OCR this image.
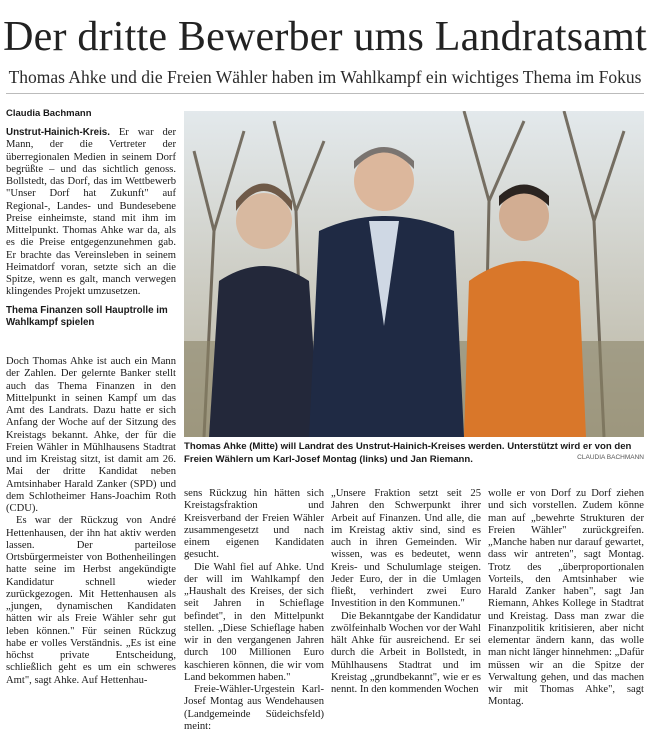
Der dritte Bewerber ums Landratsamt
Thomas Ahke und die Freien Wähler haben im Wahlkampf ein wichtiges Thema im Fokus
Claudia Bachmann

Unstrut-Hainich-Kreis. Er war der Mann, der die Vertreter der überregionalen Medien in seinem Dorf begrüßte – und das sichtlich genoss. Bollstedt, das Dorf, das im Wettbewerb "Unser Dorf hat Zukunft" auf Regional-, Landes- und Bundesebene Preise einheimste, stand mit ihm im Mittelpunkt. Thomas Ahke war da, als es die Preise entgegenzunehmen gab. Er brachte das Vereinsleben in seinem Heimatdorf voran, setzte sich an die Spitze, wenn es galt, manch verwegen klingendes Projekt umzusetzen.

Thema Finanzen soll Hauptrolle im Wahlkampf spielen

Doch Thomas Ahke ist auch ein Mann der Zahlen. Der gelernte Banker stellt auch das Thema Finanzen in den Mittelpunkt in seinen Kampf um das Amt des Landrats. Dazu hatte er sich Anfang der Woche auf der Sitzung des Kreistags bekannt. Ahke, der für die Freien Wähler in Mühlhausens Stadtrat und im Kreistag sitzt, ist damit am 26. Mai der dritte Kandidat neben Amtsinhaber Harald Zanker (SPD) und dem Schlotheimer Hans-Joachim Roth (CDU).

Es war der Rückzug von André Hettenhausen, der ihn hat aktiv werden lassen. Der parteilose Ortsbürgermeister von Bothenheilingen hatte seine im Herbst angekündigte Kandidatur schnell wieder zurückgezogen. Mit Hettenhausen als „jungen, dynamischen Kandidaten hätten wir als Freie Wähler sehr gut leben können." Für seinen Rückzug habe er volles Verständnis. „Es ist eine höchst private Entscheidung, schließlich geht es um ein schweres Amt", sagt Ahke. Auf Hettenhau-

Thomas Ahke (Mitte) will Landrat des Unstrut-Hainich-Kreises werden. Unterstützt wird er von den Freien Wählern um Karl-Josef Montag (links) und Jan Riemann.	CLAUDIA BACHMANN

sens Rückzug hin hätten sich Kreistagsfraktion und Kreisverband der Freien Wähler zusammengesetzt und nach einem eigenen Kandidaten gesucht.

Die Wahl fiel auf Ahke. Und der will im Wahlkampf den „Haushalt des Kreises, der sich seit Jahren in Schieflage befindet", in den Mittelpunkt stellen. „Diese Schieflage haben wir in den vergangenen Jahren durch 100 Millionen Euro kaschieren können, die wir vom Land bekommen haben."

Freie-Wähler-Urgestein Karl-Josef Montag aus Wendehausen (Landgemeinde Südeichsfeld) meint:

„Unsere Fraktion setzt seit 25 Jahren den Schwerpunkt ihrer Arbeit auf Finanzen. Und alle, die im Kreistag aktiv sind, sind es auch in ihren Gemeinden. Wir wissen, was es bedeutet, wenn Kreis- und Schulumlage steigen. Jeder Euro, der in die Umlagen fließt, verhindert zwei Euro Investition in den Kommunen."

Die Bekanntgabe der Kandidatur zwölfeinhalb Wochen vor der Wahl hält Ahke für ausreichend. Er sei durch die Arbeit in Bollstedt, in Mühlhausens Stadtrat und im Kreistag „grundbekannt", wie er es nennt. In den kommenden Wochen

wolle er von Dorf zu Dorf ziehen und sich vorstellen. Zudem könne man auf „bewehrte Strukturen der Freien Wähler" zurückgreifen. „Manche haben nur darauf gewartet, dass wir antreten", sagt Montag. Trotz des „überproportionalen Vorteils, den Amtsinhaber wie Harald Zanker haben", sagt Jan Riemann, Ahkes Kollege in Stadtrat und Kreistag. Dass man zwar die Finanzpolitik kritisieren, aber nicht elementar ändern kann, das wolle man nicht länger hinnehmen: „Dafür müssen wir an die Spitze der Verwaltung gehen, und das machen wir mit Thomas Ahke", sagt Montag.
